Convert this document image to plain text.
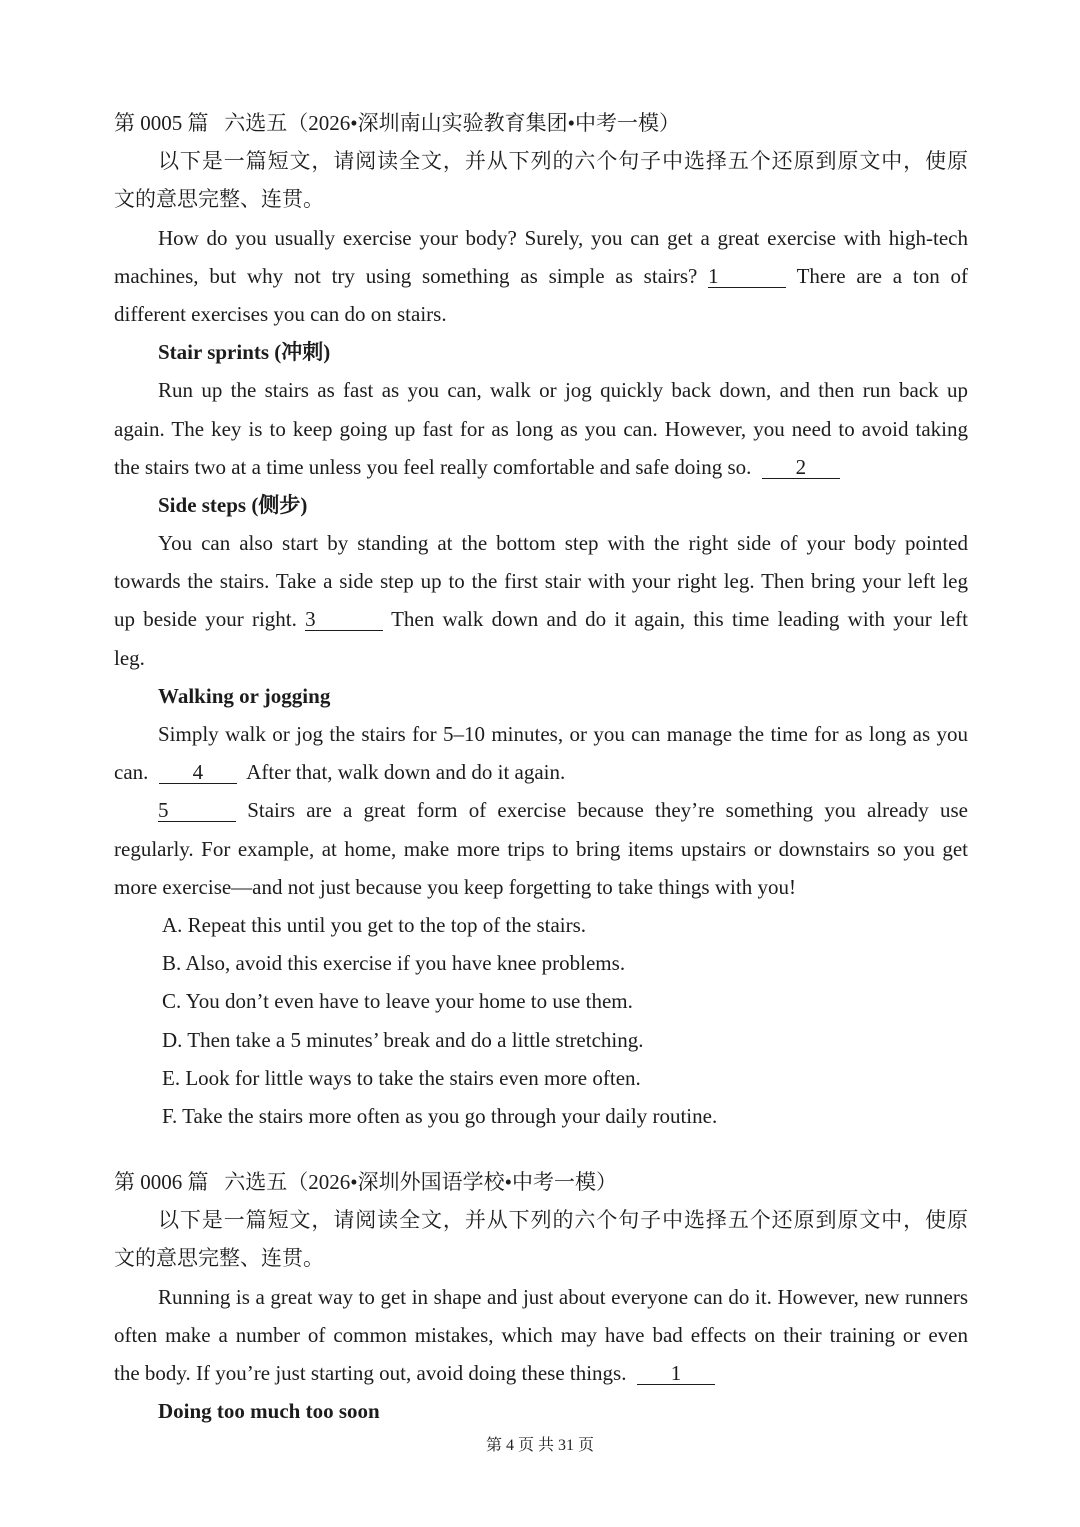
第 0005 篇 六选五（2026•深圳南山实验教育集团•中考一模）
以下是一篇短文，请阅读全文，并从下列的六个句子中选择五个还原到原文中，使原
文的意思完整、连贯。
How do you usually exercise your body? Surely, you can get a great exercise with high-tech
machines, but why not try using something as simple as stairs? 1	There are a ton of
different exercises you can do on stairs.
Stair sprints (冲刺)
Run up the stairs as fast as you can, walk or jog quickly back down, and then run back up
again. The key is to keep going up fast for as long as you can. However, you need to avoid taking
the stairs two at a time unless you feel really comfortable and safe doing so. 2
Side steps (侧步)
You can also start by standing at the bottom step with the right side of your body pointed
towards the stairs. Take a side step up to the first stair with your right leg. Then bring your left leg
up beside your right. 3	Then walk down and do it again, this time leading with your left
leg.
Walking or jogging
Simply walk or jog the stairs for 5–10 minutes, or you can manage the time for as long as you
can. 4 After that, walk down and do it again.
5	Stairs are a great form of exercise because they’re something you already use
regularly. For example, at home, make more trips to bring items upstairs or downstairs so you get
more exercise—and not just because you keep forgetting to take things with you!
A. Repeat this until you get to the top of the stairs.
B. Also, avoid this exercise if you have knee problems.
C. You don’t even have to leave your home to use them.
D. Then take a 5 minutes’ break and do a little stretching.
E. Look for little ways to take the stairs even more often.
F. Take the stairs more often as you go through your daily routine.
第 0006 篇 六选五（2026•深圳外国语学校•中考一模）
以下是一篇短文，请阅读全文，并从下列的六个句子中选择五个还原到原文中，使原
文的意思完整、连贯。
Running is a great way to get in shape and just about everyone can do it. However, new runners
often make a number of common mistakes, which may have bad effects on their training or even
the body. If you’re just starting out, avoid doing these things. 1
Doing too much too soon
第 4 页 共 31 页
